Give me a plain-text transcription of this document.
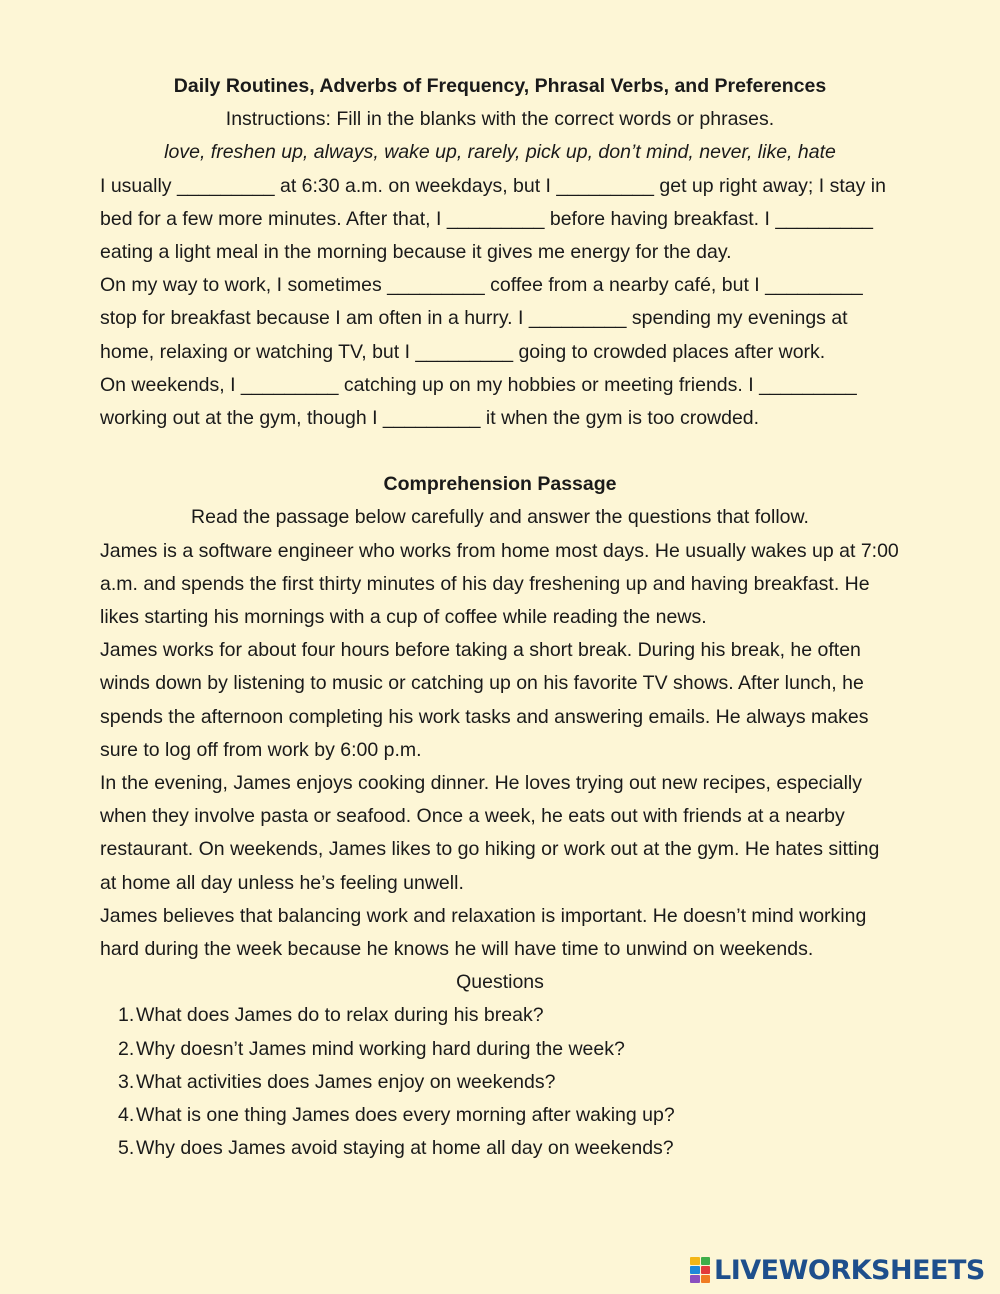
Daily Routines, Adverbs of Frequency, Phrasal Verbs, and Preferences
Instructions: Fill in the blanks with the correct words or phrases.
love, freshen up, always, wake up, rarely, pick up, don’t mind, never, like, hate

I usually _________ at 6:30 a.m. on weekdays, but I _________ get up right away; I stay in bed for a few more minutes. After that, I _________ before having breakfast. I _________ eating a light meal in the morning because it gives me energy for the day.

On my way to work, I sometimes _________ coffee from a nearby café, but I _________ stop for breakfast because I am often in a hurry. I _________ spending my evenings at home, relaxing or watching TV, but I _________ going to crowded places after work.

On weekends, I _________ catching up on my hobbies or meeting friends. I _________ working out at the gym, though I _________ it when the gym is too crowded.

Comprehension Passage
Read the passage below carefully and answer the questions that follow.

James is a software engineer who works from home most days. He usually wakes up at 7:00 a.m. and spends the first thirty minutes of his day freshening up and having breakfast. He likes starting his mornings with a cup of coffee while reading the news.

James works for about four hours before taking a short break. During his break, he often winds down by listening to music or catching up on his favorite TV shows. After lunch, he spends the afternoon completing his work tasks and answering emails. He always makes sure to log off from work by 6:00 p.m.

In the evening, James enjoys cooking dinner. He loves trying out new recipes, especially when they involve pasta or seafood. Once a week, he eats out with friends at a nearby restaurant. On weekends, James likes to go hiking or work out at the gym. He hates sitting at home all day unless he’s feeling unwell.

James believes that balancing work and relaxation is important. He doesn’t mind working hard during the week because he knows he will have time to unwind on weekends.

Questions
1. What does James do to relax during his break?
2. Why doesn’t James mind working hard during the week?
3. What activities does James enjoy on weekends?
4. What is one thing James does every morning after waking up?
5. Why does James avoid staying at home all day on weekends?
LIVEWORKSHEETS
